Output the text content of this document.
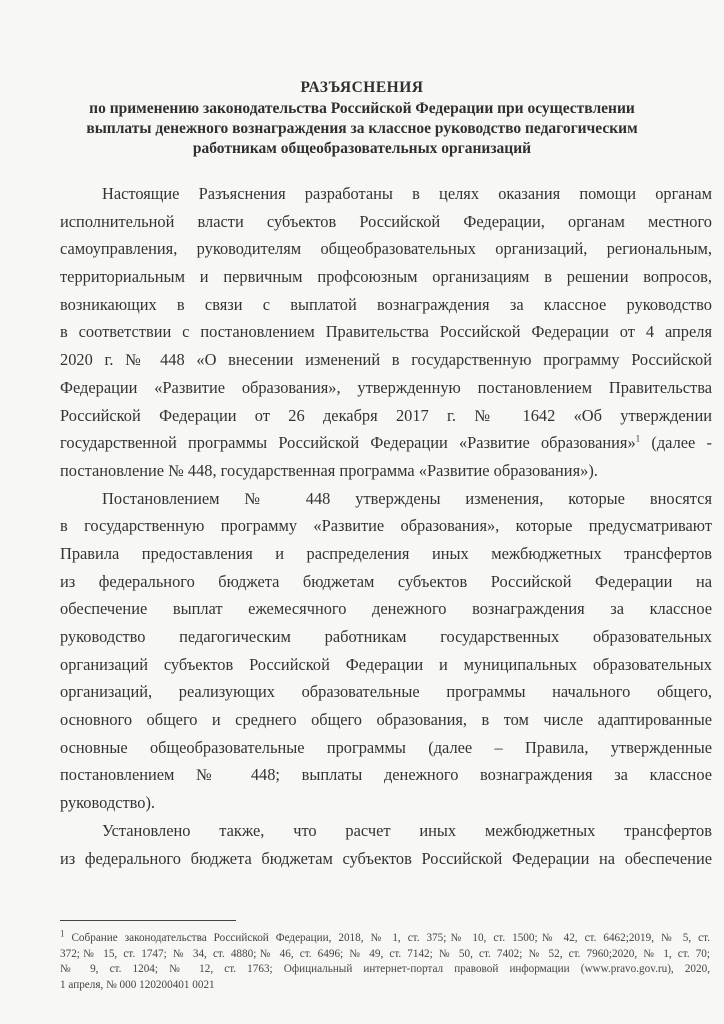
РАЗЪЯСНЕНИЯ
по применению законодательства Российской Федерации при осуществлении
выплаты денежного вознаграждения за классное руководство педагогическим
работникам общеобразовательных организаций
Настоящие Разъяснения разработаны в целях оказания помощи органам
исполнительной власти субъектов Российской Федерации, органам местного
самоуправления, руководителям общеобразовательных организаций, региональным,
территориальным и первичным профсоюзным организациям в решении вопросов,
возникающих в связи с выплатой вознаграждения за классное руководство
в соответствии с постановлением Правительства Российской Федерации от 4 апреля
2020 г. № 448 «О внесении изменений в государственную программу Российской
Федерации «Развитие образования», утвержденную постановлением Правительства
Российской Федерации от 26 декабря 2017 г. № 1642 «Об утверждении
государственной программы Российской Федерации «Развитие образования»$^1$ (далее -
постановление № 448, государственная программа «Развитие образования»).
Постановлением № 448 утверждены изменения, которые вносятся
в государственную программу «Развитие образования», которые предусматривают
Правила предоставления и распределения иных межбюджетных трансфертов
из федерального бюджета бюджетам субъектов Российской Федерации на
обеспечение выплат ежемесячного денежного вознаграждения за классное
руководство педагогическим работникам государственных образовательных
организаций субъектов Российской Федерации и муниципальных образовательных
организаций, реализующих образовательные программы начального общего,
основного общего и среднего общего образования, в том числе адаптированные
основные общеобразовательные программы (далее – Правила, утвержденные
постановлением № 448; выплаты денежного вознаграждения за классное
руководство).
Установлено также, что расчет иных межбюджетных трансфертов
из федерального бюджета бюджетам субъектов Российской Федерации на обеспечение
$^1$ Собрание законодательства Российской Федерации, 2018, № 1, ст. 375;№ 10, ст. 1500;№ 42, ст. 6462;2019, № 5, ст.
372;№ 15, ст. 1747; № 34, ст. 4880;№ 46, ст. 6496; № 49, ст. 7142; № 50, ст. 7402; № 52, ст. 7960;2020, № 1, ст. 70;
№ 9, ст. 1204; № 12, ст. 1763; Официальный интернет-портал правовой информации (www.pravo.gov.ru), 2020,
1 апреля, № 000 120200401 0021
